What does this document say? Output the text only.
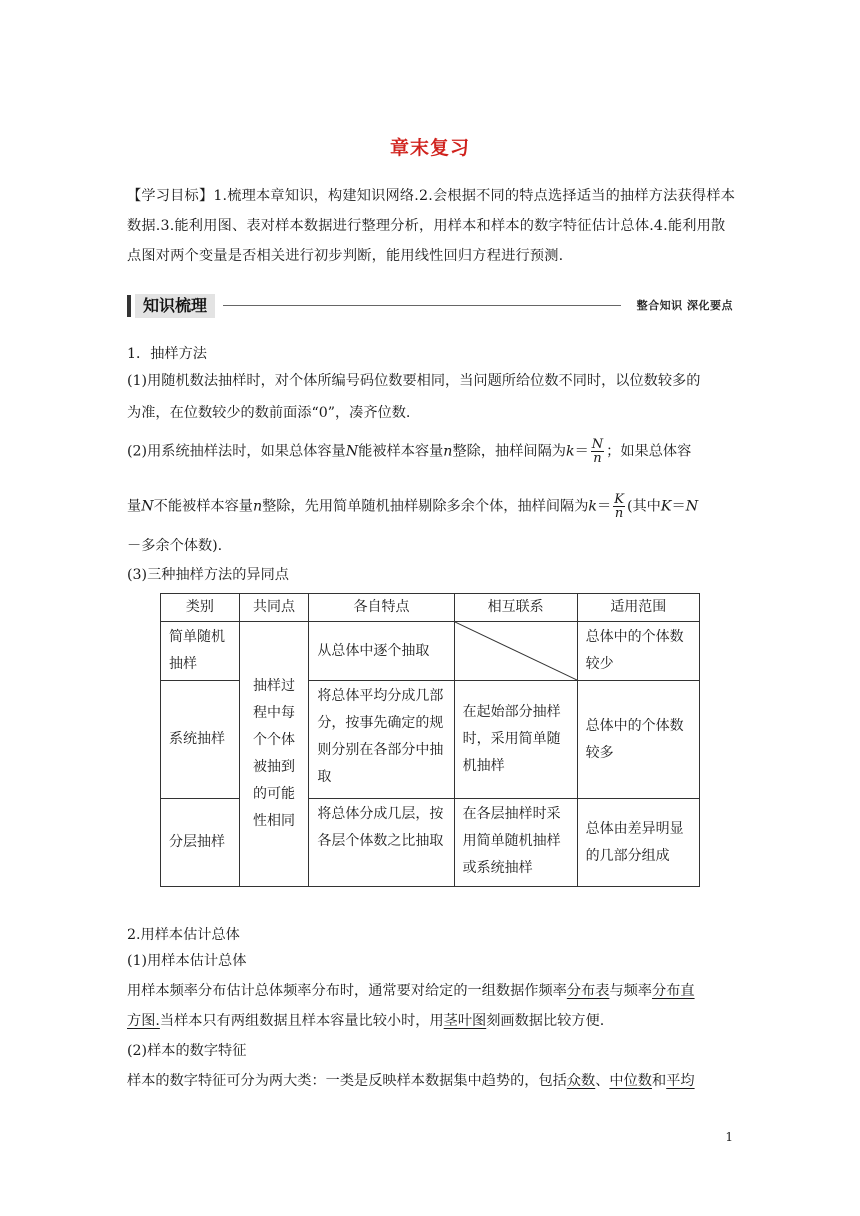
章末复习
【学习目标】1.梳理本章知识，构建知识网络.2.会根据不同的特点选择适当的抽样方法获得样本数据.3.能利用图、表对样本数据进行整理分析，用样本和样本的数字特征估计总体.4.能利用散点图对两个变量是否相关进行初步判断，能用线性回归方程进行预测.
知识梳理	整合知识 深化要点
1．抽样方法
(1)用随机数法抽样时，对个体所编号码位数要相同，当问题所给位数不同时，以位数较多的
为准，在位数较少的数前面添“0”，凑齐位数.
(2)用系统抽样法时，如果总体容量N能被样本容量n整除，抽样间隔为$k= \frac{N}{n}$ ；如果总体容
量N不能被样本容量n整除，先用简单随机抽样剔除多余个体，抽样间隔为$k= \frac{K}{n}$ (其中K＝N
－多余个体数).
(3)三种抽样方法的异同点
类别	共同点	各自特点	相互联系	适用范围
简单随机抽样	抽样过程中每个个体被抽到的可能性相同	从总体中逐个抽取		总体中的个体数较少
系统抽样		将总体平均分成几部分，按事先确定的规则分别在各部分中抽取	在起始部分抽样时，采用简单随机抽样	总体中的个体数较多
分层抽样		将总体分成几层，按各层个体数之比抽取	在各层抽样时采用简单随机抽样或系统抽样	总体由差异明显的几部分组成
2.用样本估计总体
(1)用样本估计总体
用样本频率分布估计总体频率分布时，通常要对给定的一组数据作频率分布表与频率分布直
方图.当样本只有两组数据且样本容量比较小时，用茎叶图刻画数据比较方便.
(2)样本的数字特征
样本的数字特征可分为两大类：一类是反映样本数据集中趋势的，包括众数、中位数和平均
1
